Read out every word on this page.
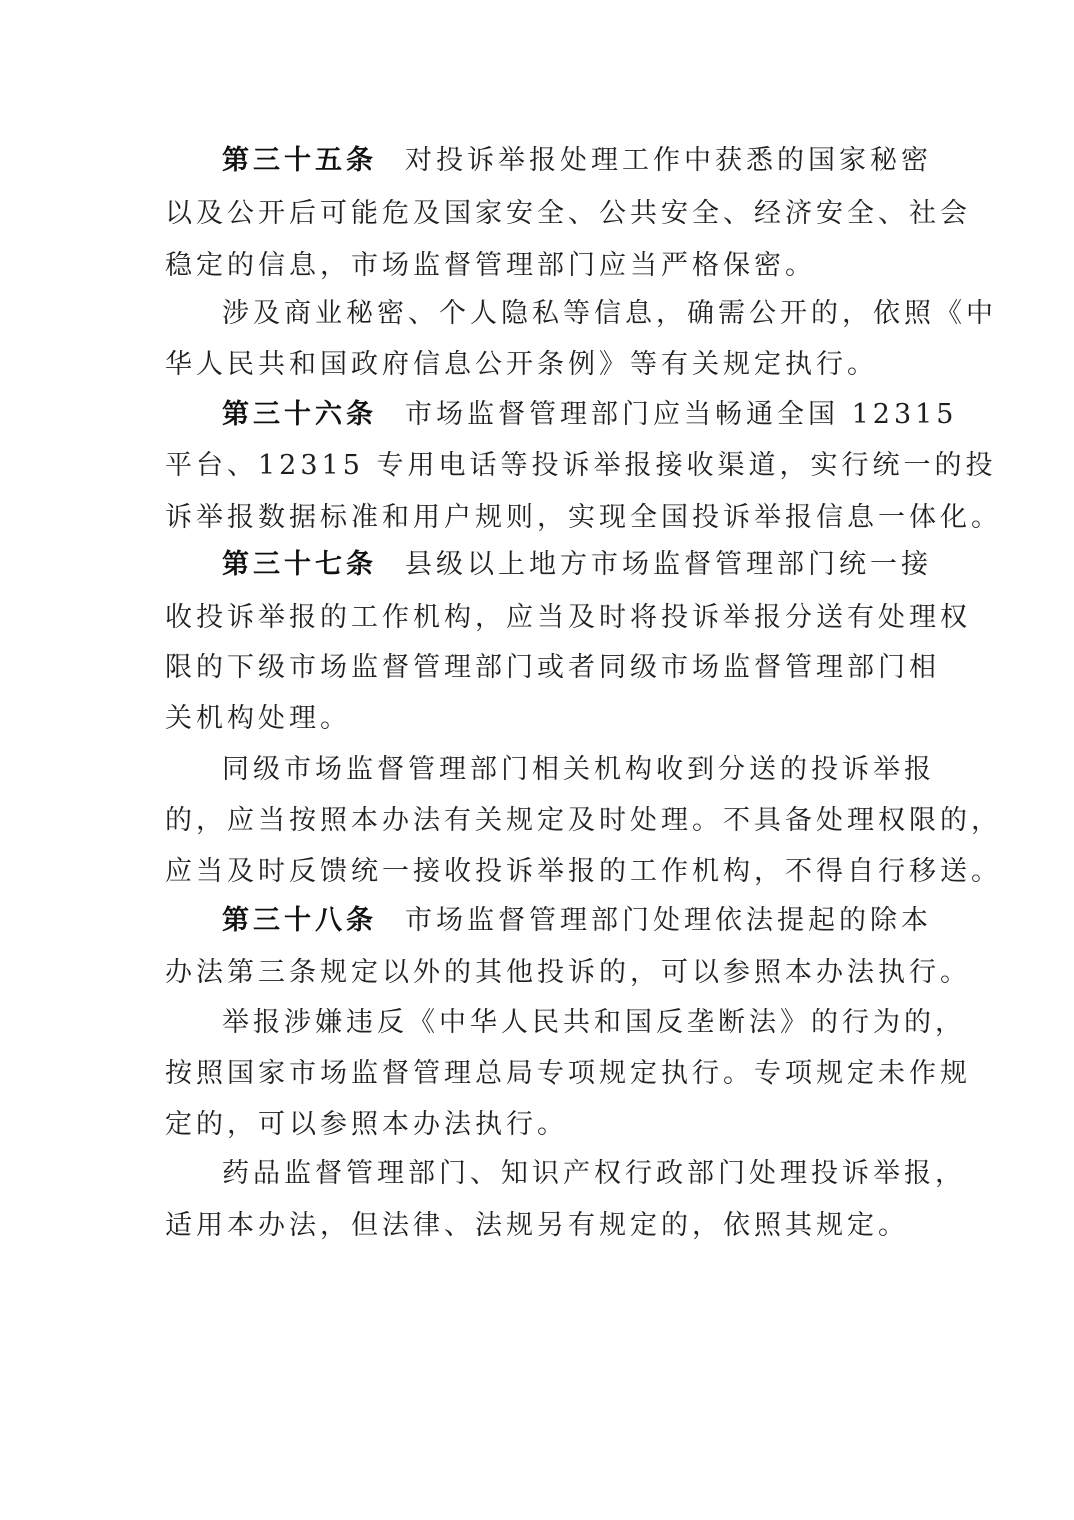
第三十五条 对投诉举报处理工作中获悉的国家秘密
以及公开后可能危及国家安全、公共安全、经济安全、社会
稳定的信息，市场监督管理部门应当严格保密。
涉及商业秘密、个人隐私等信息，确需公开的，依照《中
华人民共和国政府信息公开条例》等有关规定执行。
第三十六条 市场监督管理部门应当畅通全国 12315
平台、12315 专用电话等投诉举报接收渠道，实行统一的投
诉举报数据标准和用户规则，实现全国投诉举报信息一体化。
第三十七条 县级以上地方市场监督管理部门统一接
收投诉举报的工作机构，应当及时将投诉举报分送有处理权
限的下级市场监督管理部门或者同级市场监督管理部门相
关机构处理。
同级市场监督管理部门相关机构收到分送的投诉举报
的，应当按照本办法有关规定及时处理。不具备处理权限的，
应当及时反馈统一接收投诉举报的工作机构，不得自行移送。
第三十八条 市场监督管理部门处理依法提起的除本
办法第三条规定以外的其他投诉的，可以参照本办法执行。
举报涉嫌违反《中华人民共和国反垄断法》的行为的，
按照国家市场监督管理总局专项规定执行。专项规定未作规
定的，可以参照本办法执行。
药品监督管理部门、知识产权行政部门处理投诉举报，
适用本办法，但法律、法规另有规定的，依照其规定。
